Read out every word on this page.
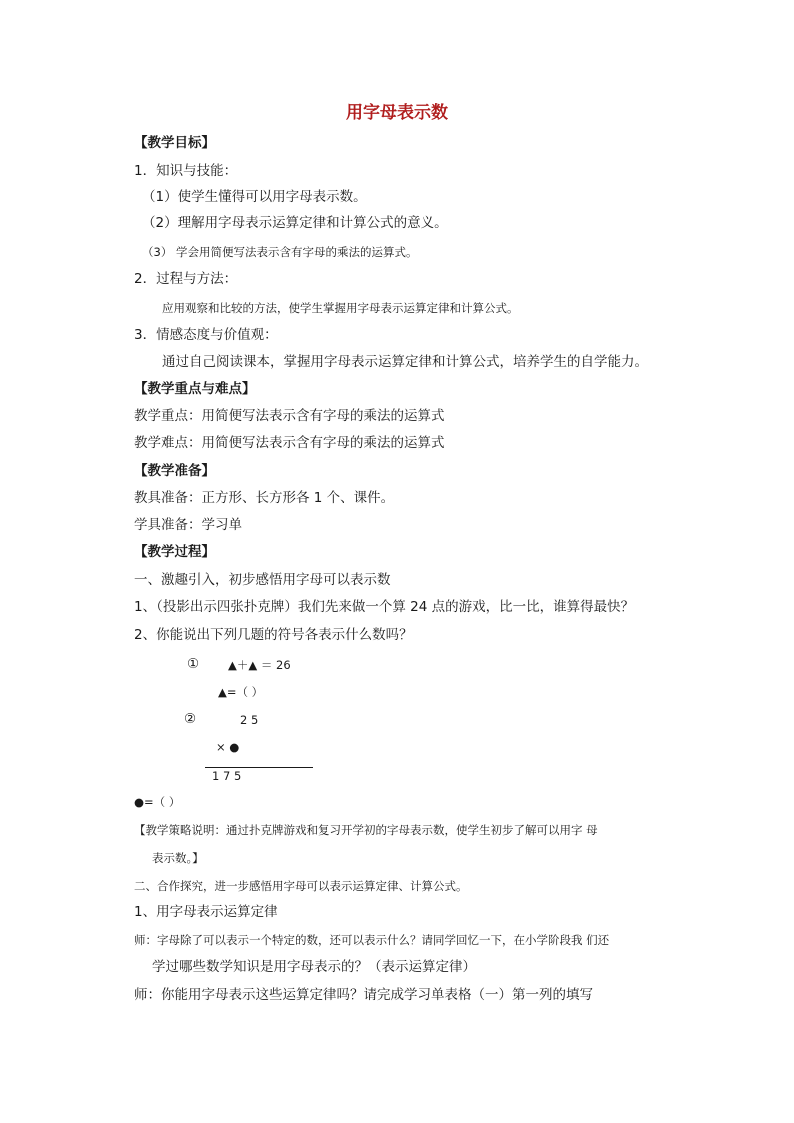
用字母表示数
【教学目标】
1．知识与技能：
（1）使学生懂得可以用字母表示数。
（2）理解用字母表示运算定律和计算公式的意义。
（3） 学会用简便写法表示含有字母的乘法的运算式。
2．过程与方法：
应用观察和比较的方法，使学生掌握用字母表示运算定律和计算公式。
3．情感态度与价值观：
通过自己阅读课本，掌握用字母表示运算定律和计算公式，培养学生的自学能力。
【教学重点与难点】
教学重点：用简便写法表示含有字母的乘法的运算式
教学难点：用简便写法表示含有字母的乘法的运算式
【教学准备】
教具准备：正方形、长方形各 1 个、课件。
学具准备：学习单
【教学过程】
一、激趣引入，初步感悟用字母可以表示数
1、（投影出示四张扑克牌）我们先来做一个算 24 点的游戏，比一比，谁算得最快？
2、你能说出下列几题的符号各表示什么数吗？
①	▲＋▲ ＝ 26
▲=（ ）
②	2 5
× ●
1 7 5
●=（ ）
【教学策略说明：通过扑克牌游戏和复习开学初的字母表示数，使学生初步了解可以用字 母
表示数。】
二、合作探究，进一步感悟用字母可以表示运算定律、计算公式。
1、用字母表示运算定律
师：字母除了可以表示一个特定的数，还可以表示什么？请同学回忆一下，在小学阶段我 们还
学过哪些数学知识是用字母表示的？（表示运算定律）
师：你能用字母表示这些运算定律吗？请完成学习单表格（一）第一列的填写
